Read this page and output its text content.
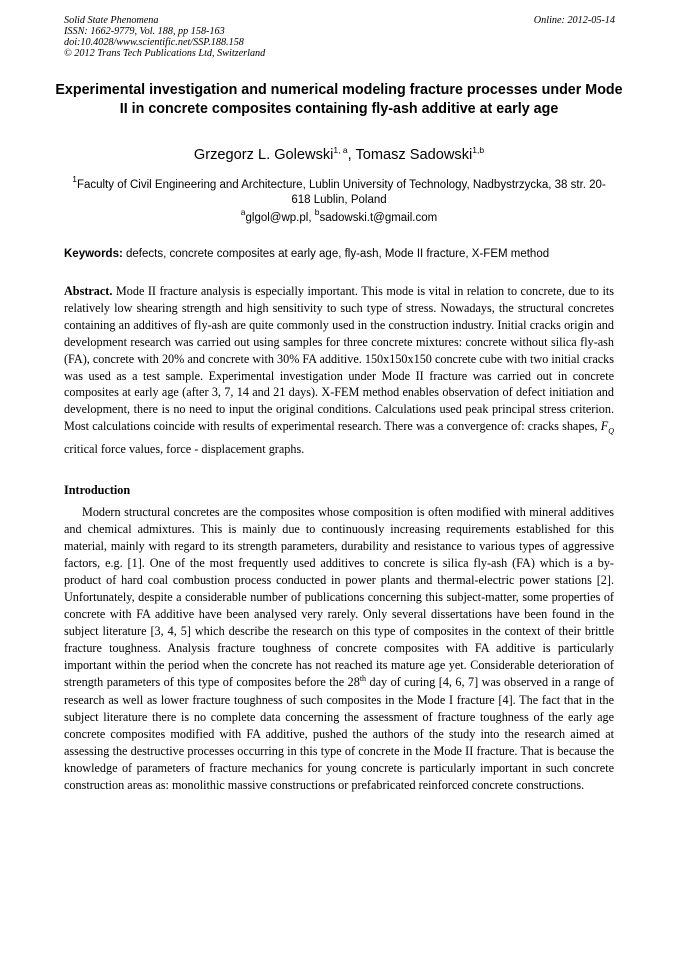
Solid State Phenomena
ISSN: 1662-9779, Vol. 188, pp 158-163
doi:10.4028/www.scientific.net/SSP.188.158
© 2012 Trans Tech Publications Ltd, Switzerland
Online: 2012-05-14
Experimental investigation and numerical modeling fracture processes under Mode II in concrete composites containing fly-ash additive at early age
Grzegorz L. Golewski$^{1, a}$, Tomasz Sadowski$^{1,b}$
$^1$Faculty of Civil Engineering and Architecture, Lublin University of Technology, Nadbystrzycka, 38 str. 20-618 Lublin, Poland
$^a$glgol@wp.pl, $^b$sadowski.t@gmail.com
Keywords: defects, concrete composites at early age, fly-ash, Mode II fracture, X-FEM method
Abstract. Mode II fracture analysis is especially important. This mode is vital in relation to concrete, due to its relatively low shearing strength and high sensitivity to such type of stress. Nowadays, the structural concretes containing an additives of fly-ash are quite commonly used in the construction industry. Initial cracks origin and development research was carried out using samples for three concrete mixtures: concrete without silica fly-ash (FA), concrete with 20% and concrete with 30% FA additive. 150x150x150 concrete cube with two initial cracks was used as a test sample. Experimental investigation under Mode II fracture was carried out in concrete composites at early age (after 3, 7, 14 and 21 days). X-FEM method enables observation of defect initiation and development, there is no need to input the original conditions. Calculations used peak principal stress criterion. Most calculations coincide with results of experimental research. There was a convergence of: cracks shapes, $F_Q$ critical force values, force - displacement graphs.
Introduction
Modern structural concretes are the composites whose composition is often modified with mineral additives and chemical admixtures. This is mainly due to continuously increasing requirements established for this material, mainly with regard to its strength parameters, durability and resistance to various types of aggressive factors, e.g. [1]. One of the most frequently used additives to concrete is silica fly-ash (FA) which is a by-product of hard coal combustion process conducted in power plants and thermal-electric power stations [2]. Unfortunately, despite a considerable number of publications concerning this subject-matter, some properties of concrete with FA additive have been analysed very rarely. Only several dissertations have been found in the subject literature [3, 4, 5] which describe the research on this type of composites in the context of their brittle fracture toughness. Analysis fracture toughness of concrete composites with FA additive is particularly important within the period when the concrete has not reached its mature age yet. Considerable deterioration of strength parameters of this type of composites before the 28th day of curing [4, 6, 7] was observed in a range of research as well as lower fracture toughness of such composites in the Mode I fracture [4]. The fact that in the subject literature there is no complete data concerning the assessment of fracture toughness of the early age concrete composites modified with FA additive, pushed the authors of the study into the research aimed at assessing the destructive processes occurring in this type of concrete in the Mode II fracture. That is because the knowledge of parameters of fracture mechanics for young concrete is particularly important in such concrete construction areas as: monolithic massive constructions or prefabricated reinforced concrete constructions.
